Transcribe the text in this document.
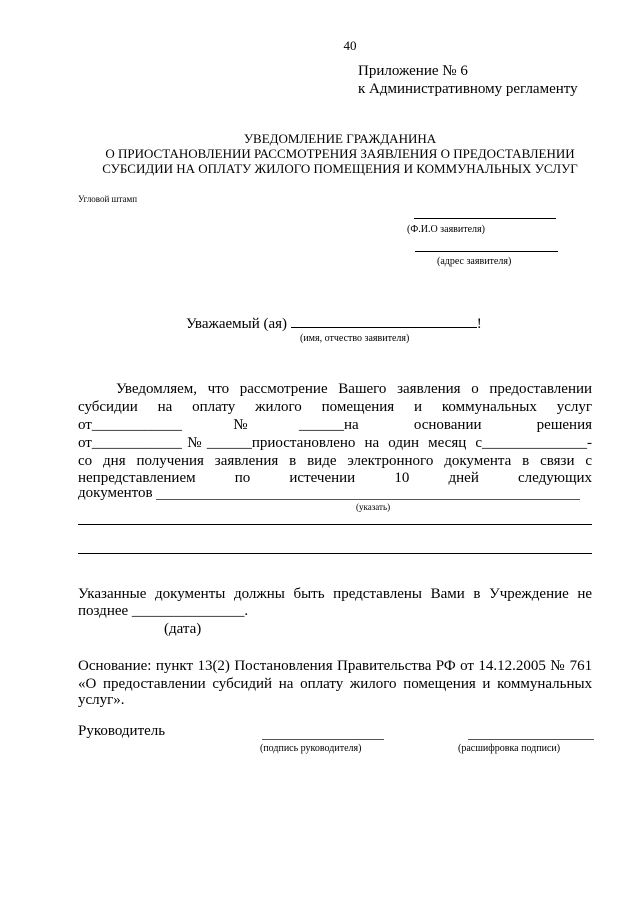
40
Приложение № 6
к Административному регламенту
УВЕДОМЛЕНИЕ ГРАЖДАНИНА
О ПРИОСТАНОВЛЕНИИ РАССМОТРЕНИЯ ЗАЯВЛЕНИЯ О ПРЕДОСТАВЛЕНИИ
СУБСИДИИ НА ОПЛАТУ ЖИЛОГО ПОМЕЩЕНИЯ И КОММУНАЛЬНЫХ УСЛУГ
Угловой штамп
(Ф.И.О заявителя)
(адрес заявителя)
Уважаемый (ая)	!
(имя, отчество заявителя)
Уведомляем, что рассмотрение Вашего заявления о предоставлении
субсидии на оплату жилого помещения и коммунальных услуг
от____________№______на	основании	решения
от____________№______приостановлено на один месяц с______________-
со дня получения заявления в виде электронного документа в связи с
непредставлением	по	истечении	10	дней	следующих
документов
(указать)
Указанные документы должны быть представлены Вами в Учреждение не
позднее _______________.
(дата)
Основание: пункт 13(2) Постановления Правительства РФ от 14.12.2005 № 761
«О предоставлении субсидий на оплату жилого помещения и коммунальных
услуг».
Руководитель
(подпись руководителя)	(расшифровка подписи)
